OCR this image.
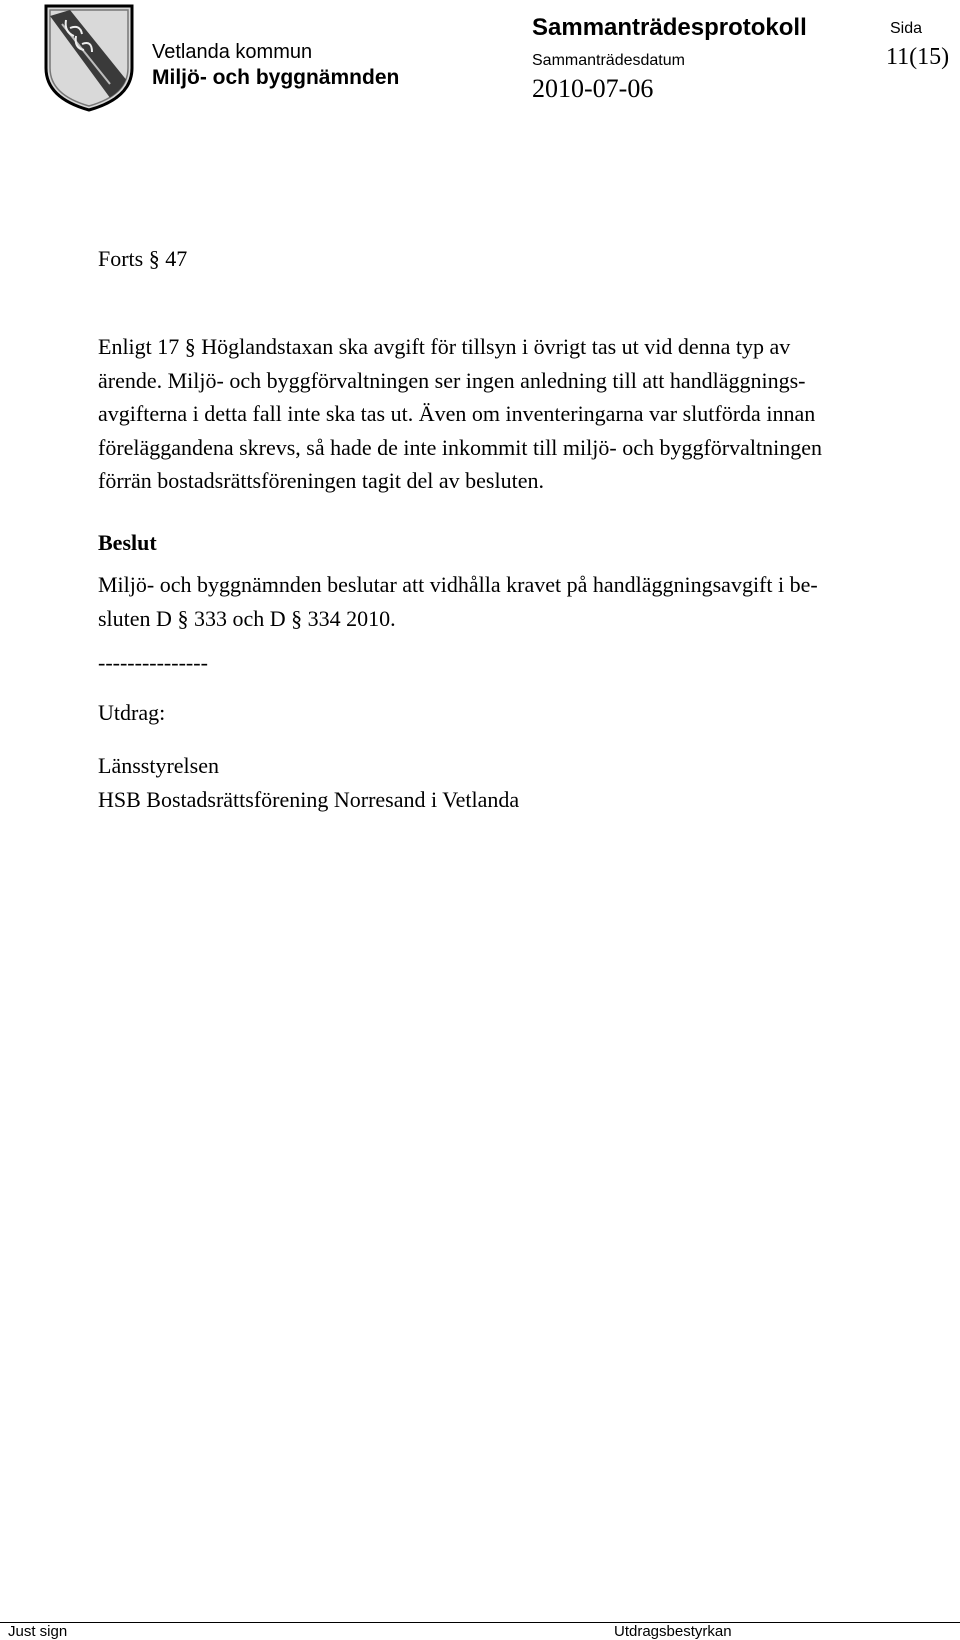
Vetlanda kommun
Miljö- och byggnämnden
Sammanträdesprotokoll
Sammanträdesdatum
2010-07-06
Sida
11(15)
Forts § 47
Enligt 17 § Höglandstaxan ska avgift för tillsyn i övrigt tas ut vid denna typ av
ärende. Miljö- och byggförvaltningen ser ingen anledning till att handläggnings-
avgifterna i detta fall inte ska tas ut. Även om inventeringarna var slutförda innan
föreläggandena skrevs, så hade de inte inkommit till miljö- och byggförvaltningen
förrän bostadsrättsföreningen tagit del av besluten.
Beslut
Miljö- och byggnämnden beslutar att vidhålla kravet på handläggningsavgift i be-
sluten D § 333 och D § 334 2010.
---------------
Utdrag:
Länsstyrelsen
HSB Bostadsrättsförening Norresand i Vetlanda
Just sign	Utdragsbestyrkan
